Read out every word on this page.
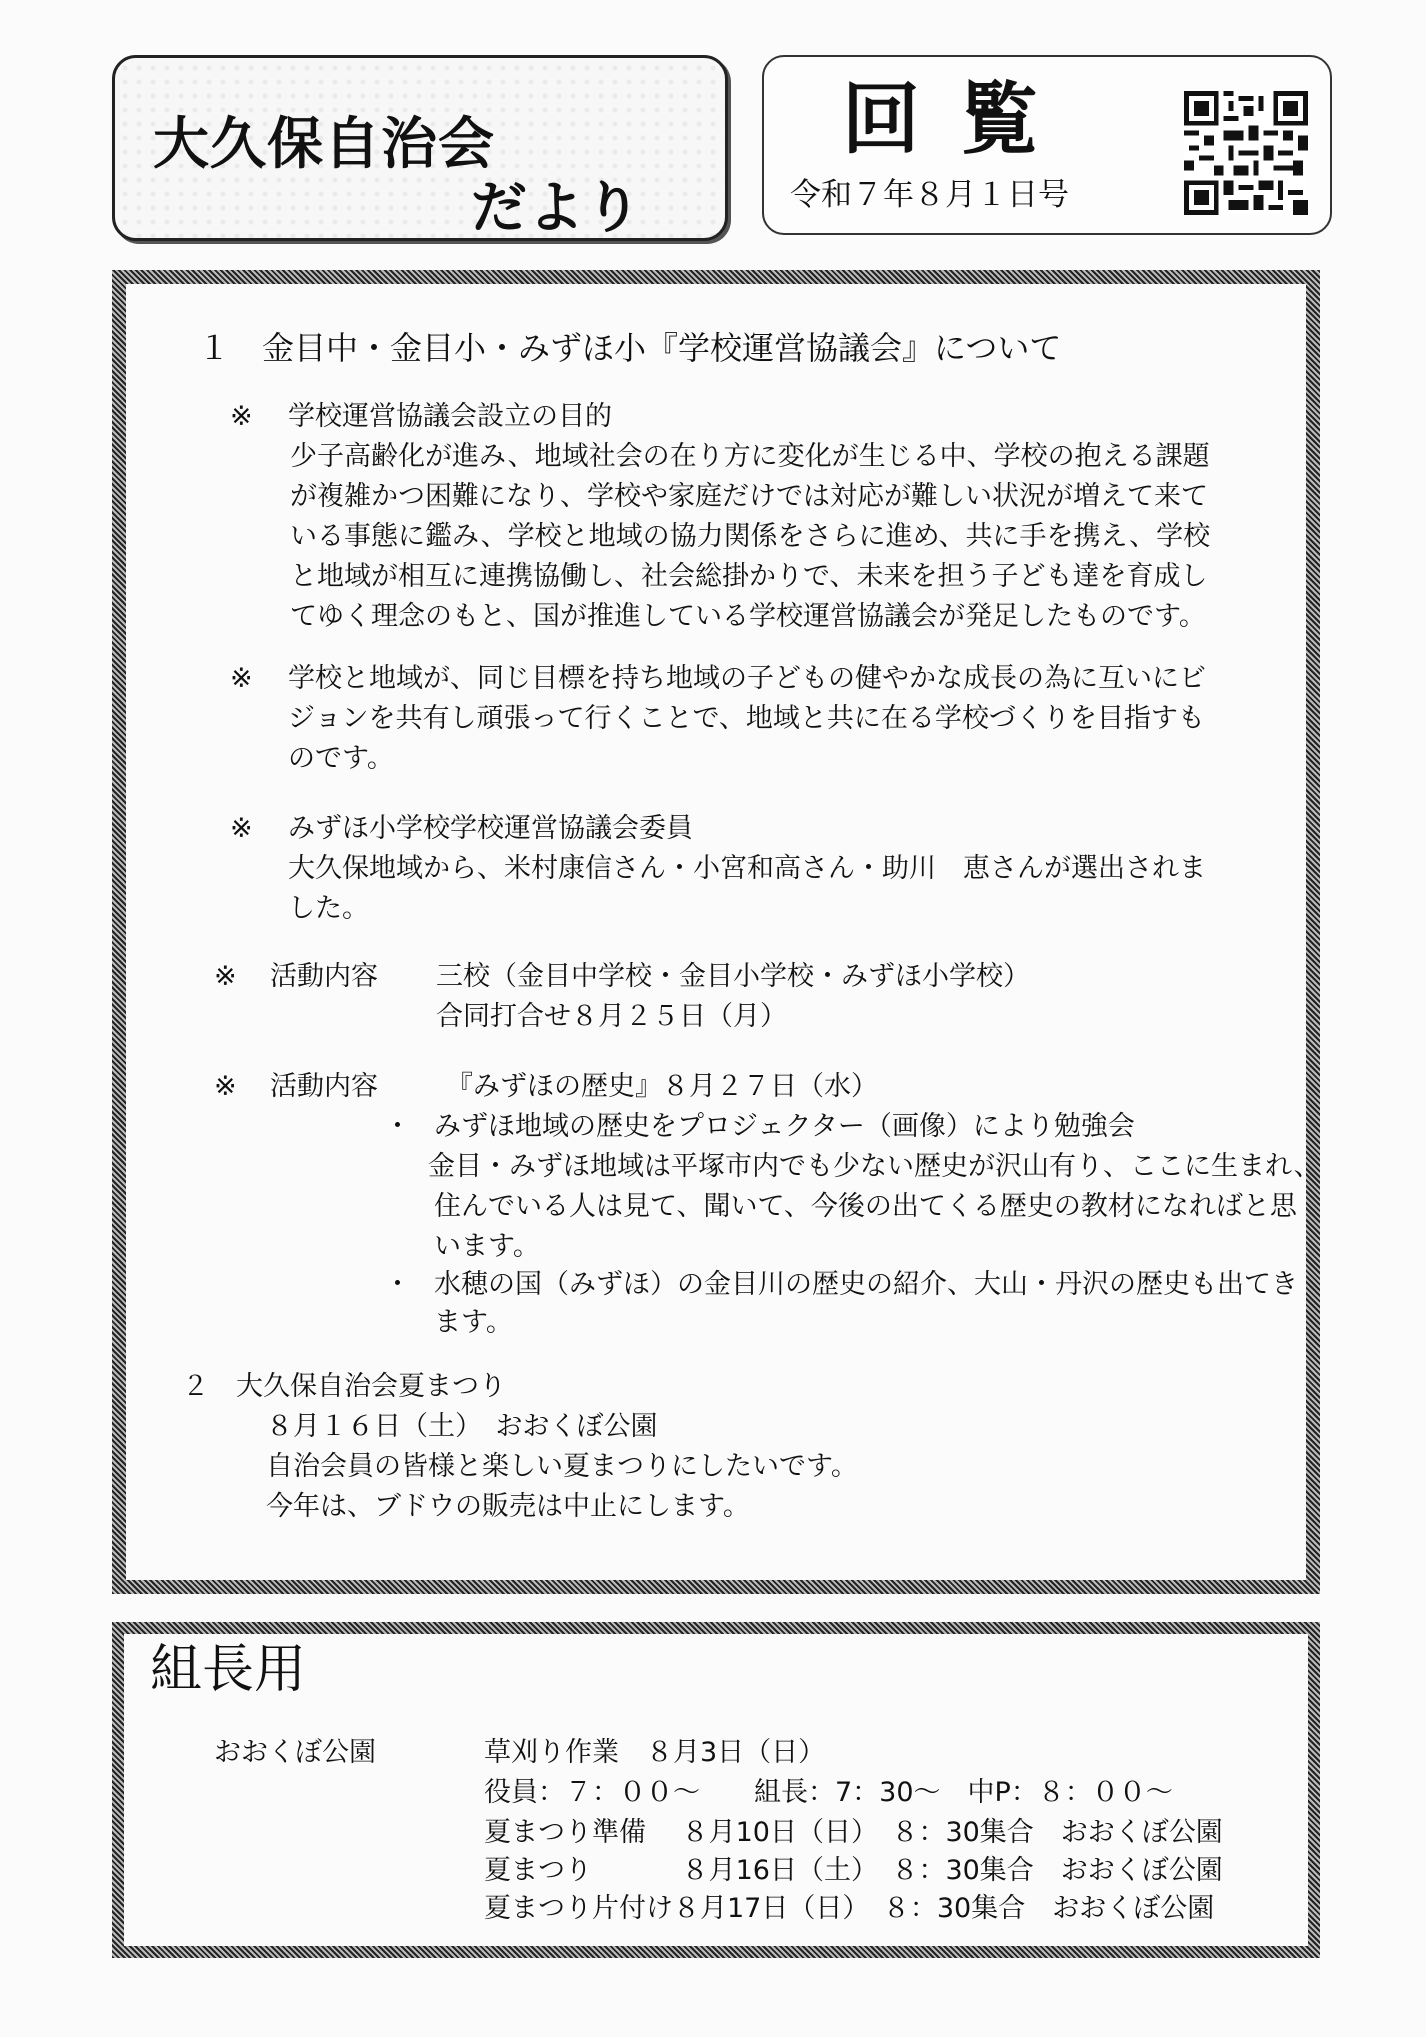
大久保自治会
だより
回覧
令和７年８月１日号
１　金目中・金目小・みずほ小『学校運営協議会』について
※ 学校運営協議会設立の目的
少子高齢化が進み、地域社会の在り方に変化が生じる中、学校の抱える課題
が複雑かつ困難になり、学校や家庭だけでは対応が難しい状況が増えて来て
いる事態に鑑み、学校と地域の協力関係をさらに進め、共に手を携え、学校
と地域が相互に連携協働し、社会総掛かりで、未来を担う子ども達を育成し
てゆく理念のもと、国が推進している学校運営協議会が発足したものです。
※ 学校と地域が、同じ目標を持ち地域の子どもの健やかな成長の為に互いにビ
ジョンを共有し頑張って行くことで、地域と共に在る学校づくりを目指すも
のです。
※ みずほ小学校学校運営協議会委員
大久保地域から、米村康信さん・小宮和高さん・助川　恵さんが選出されま
した。
※ 活動内容 三校（金目中学校・金目小学校・みずほ小学校）
合同打合せ８月２５日（月）
※ 活動内容	『みずほの歴史』８月２７日（水）
・ みずほ地域の歴史をプロジェクター（画像）により勉強会
金目・みずほ地域は平塚市内でも少ない歴史が沢山有り、ここに生まれ、
住んでいる人は見て、聞いて、今後の出てくる歴史の教材になればと思
います。
・ 水穂の国（みずほ）の金目川の歴史の紹介、大山・丹沢の歴史も出てき
ます。
２　大久保自治会夏まつり
８月１６日（土）　おおくぼ公園
自治会員の皆様と楽しい夏まつりにしたいです。
今年は、ブドウの販売は中止にします。
組長用
おおくぼ公園	草刈り作業　８月3日（日）
役員：７：００～　　組長：7：30～　中P：８：００～
夏まつり準備　 ８月10日（日）　８：30集合　おおくぼ公園
夏まつり　　　 ８月16日（土）　８：30集合　おおくぼ公園
夏まつり片付け８月17日（日）　８：30集合　おおくぼ公園
